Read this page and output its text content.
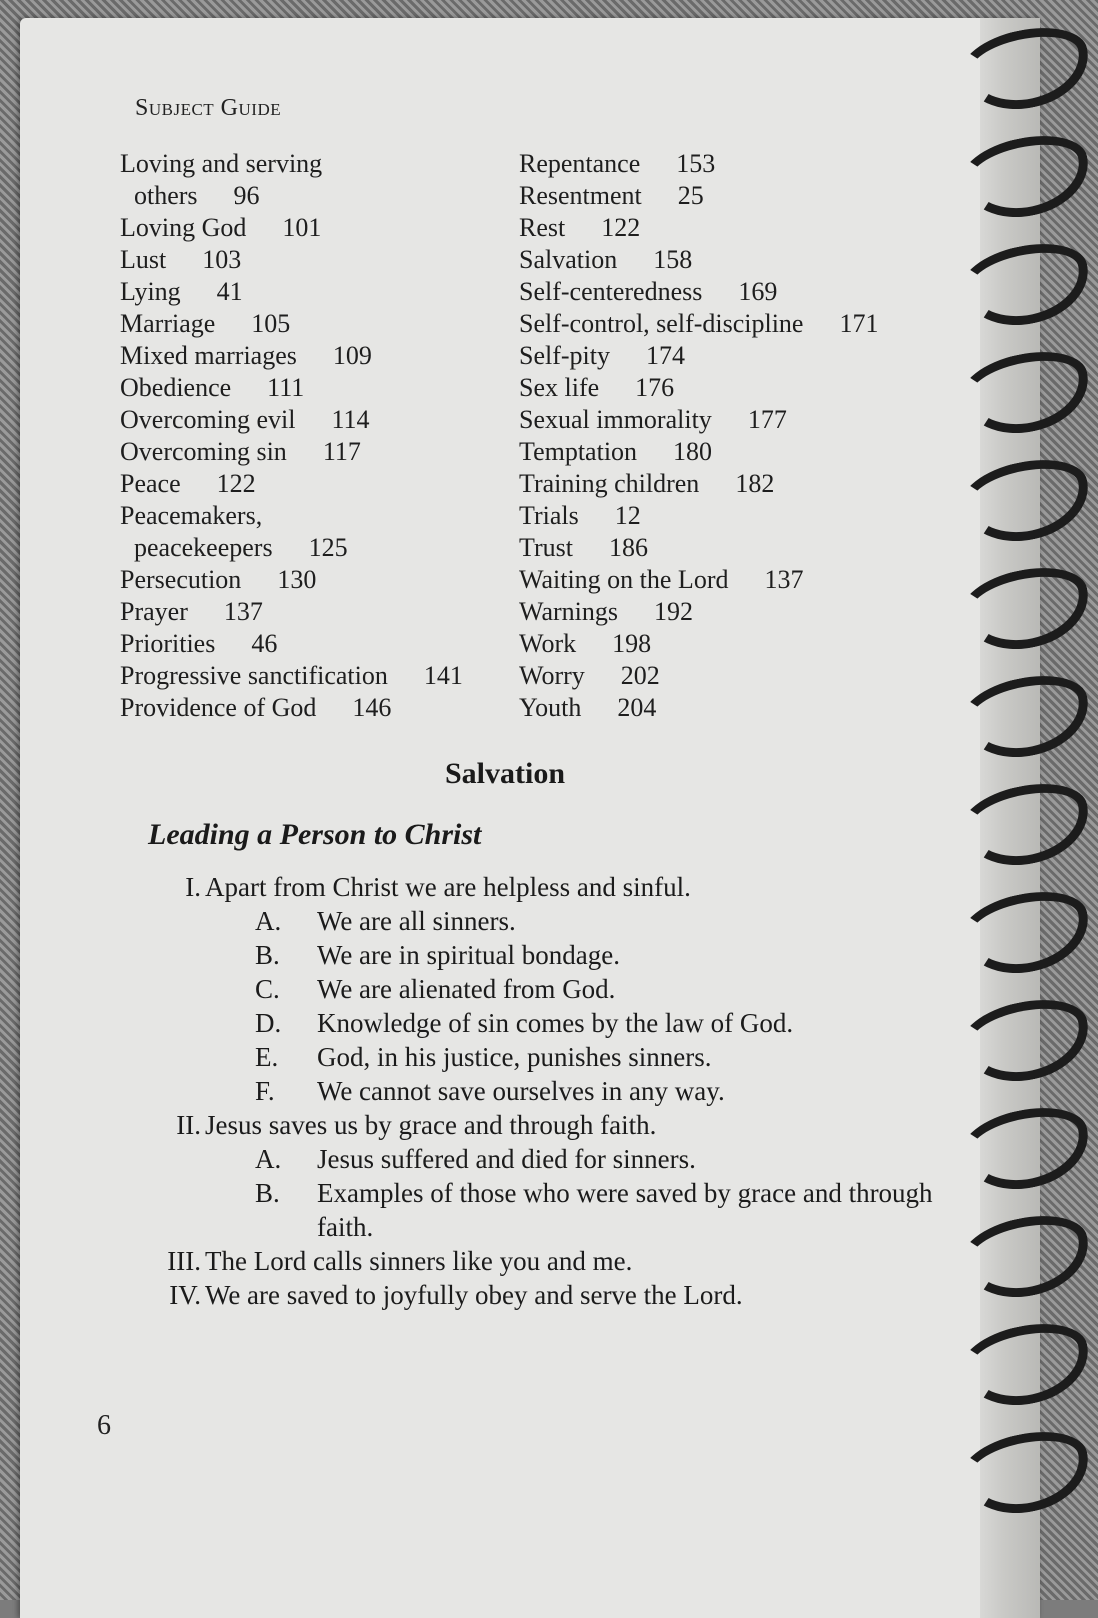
Subject Guide
Loving and serving
others 96
Loving God 101
Lust 103
Lying 41
Marriage 105
Mixed marriages 109
Obedience 111
Overcoming evil 114
Overcoming sin 117
Peace 122
Peacemakers,
peacekeepers 125
Persecution 130
Prayer 137
Priorities 46
Progressive sanctification 141
Providence of God 146
Repentance 153
Resentment 25
Rest 122
Salvation 158
Self-centeredness 169
Self-control, self-discipline 171
Self-pity 174
Sex life 176
Sexual immorality 177
Temptation 180
Training children 182
Trials 12
Trust 186
Waiting on the Lord 137
Warnings 192
Work 198
Worry 202
Youth 204
Salvation
Leading a Person to Christ
I. Apart from Christ we are helpless and sinful.
A.	We are all sinners.
B.	We are in spiritual bondage.
C.	We are alienated from God.
D.	Knowledge of sin comes by the law of God.
E.	God, in his justice, punishes sinners.
F.	We cannot save ourselves in any way.
II. Jesus saves us by grace and through faith.
A.	Jesus suffered and died for sinners.
B.	Examples of those who were saved by grace and through faith.
III. The Lord calls sinners like you and me.
IV. We are saved to joyfully obey and serve the Lord.
6
